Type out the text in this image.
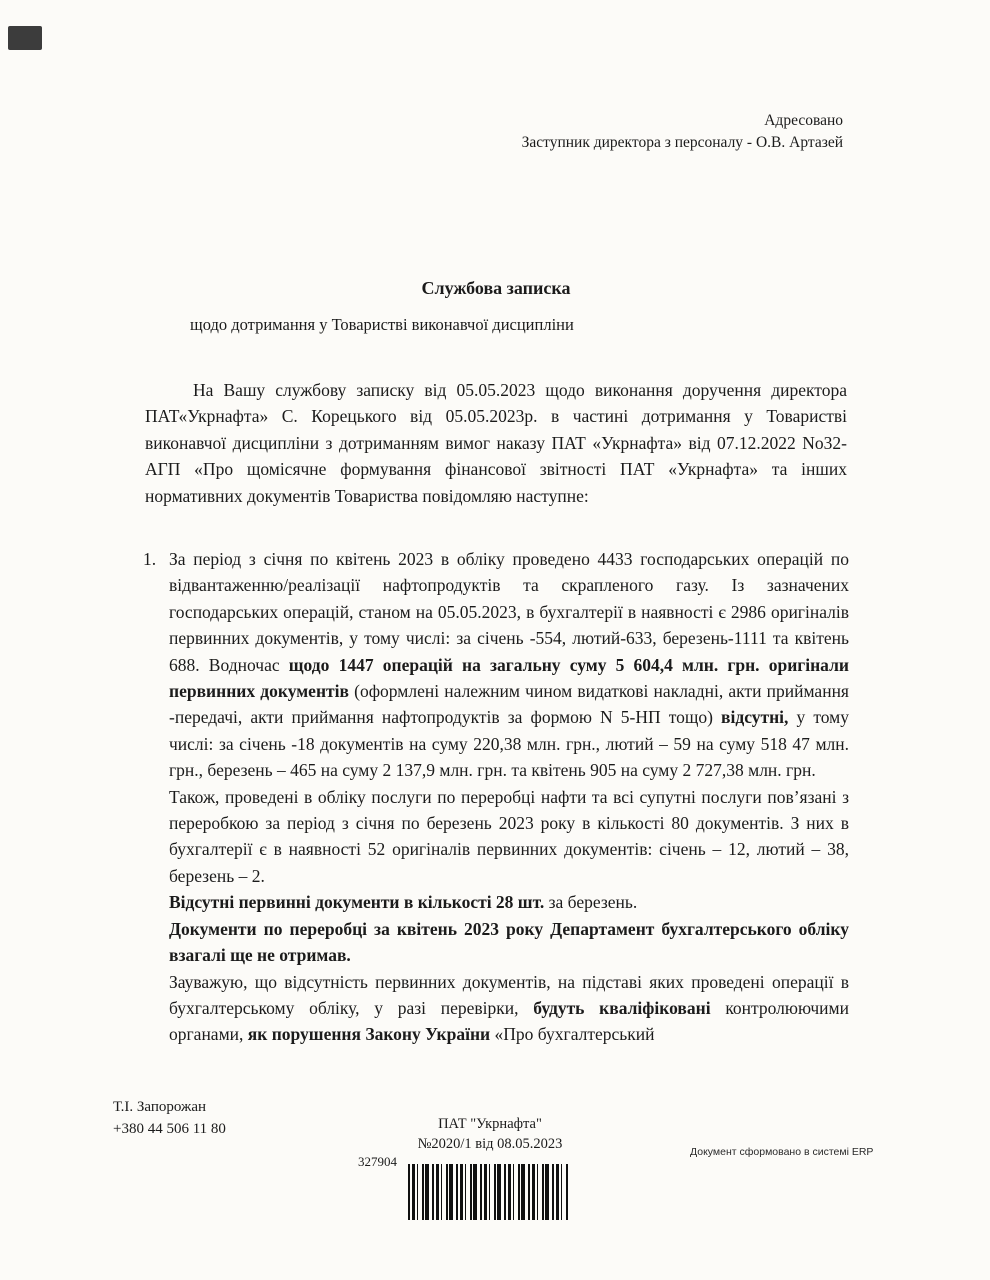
Адресовано
Заступник директора з персоналу - О.В. Артазей
Службова записка
щодо дотримання у Товаристві виконавчої дисципліни
На Вашу службову записку від 05.05.2023 щодо виконання доручення директора ПАТ«Укрнафта» С. Корецького від 05.05.2023р. в частині дотримання у Товаристві виконавчої дисципліни з дотриманням вимог наказу ПАТ «Укрнафта» від 07.12.2022 No32-АГП «Про щомісячне формування фінансової звітності ПАТ «Укрнафта» та інших нормативних документів Товариства повідомляю наступне:
1. За період з січня по квітень 2023 в обліку проведено 4433 господарських операцій по відвантаженню/реалізації нафтопродуктів та скрапленого газу. Із зазначених господарських операцій, станом на 05.05.2023, в бухгалтерії в наявності є 2986 оригіналів первинних документів, у тому числі: за січень -554, лютий-633, березень-1111 та квітень 688. Водночас щодо 1447 операцій на загальну суму 5 604,4 млн. грн. оригінали первинних документів (оформлені належним чином видаткові накладні, акти приймання -передачі, акти приймання нафтопродуктів за формою N 5-НП тощо) відсутні, у тому числі: за січень -18 документів на суму 220,38 млн. грн., лютий – 59 на суму 518 47 млн. грн., березень – 465 на суму 2 137,9 млн. грн. та квітень 905 на суму 2 727,38 млн. грн.

Також, проведені в обліку послуги по переробці нафти та всі супутні послуги пов’язані з переробкою за період з січня по березень 2023 року в кількості 80 документів. З них в бухгалтерії є в наявності 52 оригіналів первинних документів: січень – 12, лютий – 38, березень – 2.

Відсутні первинні документи в кількості 28 шт. за березень.

Документи по переробці за квітень 2023 року Департамент бухгалтерського обліку взагалі ще не отримав.

Зауважую, що відсутність первинних документів, на підставі яких проведені операції в бухгалтерському обліку, у разі перевірки, будуть кваліфіковані контролюючими органами, як порушення Закону України «Про бухгалтерський

Т.І. Запорожан
+380 44 506 11 80	ПАТ "Укрнафта"
№2020/1 від 08.05.2023
327904
Документ сформовано в системі ERP
